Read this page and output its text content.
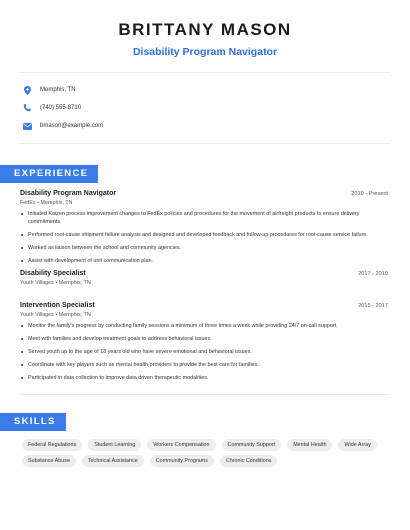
BRITTANY MASON
Disability Program Navigator
Memphis, TN
(740) 555-8710
bmason@example.com
EXPERIENCE
Disability Program Navigator	2019 - Present
FedEx • Memphis, TN
Initiated Kaizen process improvement changes to FedEx policies and procedures for the movement of airfreight products to ensure delivery commitments.
Performed root-cause shipment failure analysis and designed and developed feedback and follow-up procedures for root-cause service failure.
Worked as liaison between the school and community agencies.
Assist with development of unit communication plan.
Disability Specialist	2017 - 2019
Youth Villages • Memphis, TN
Intervention Specialist	2015 - 2017
Youth Villages • Memphis, TN
Monitor the family's progress by conducting family sessions a minimum of three times a week while providing 24/7 on-call support.
Meet with families and develop treatment goals to address behavioral issues.
Served youth up to the age of 18 years old who have severe emotional and behavioral issues.
Coordinate with key players such as mental health providers to provide the best care for families.
Participated in data collection to improve data driven therapeutic modalities.
SKILLS
Federal Regulations	Student Learning	Workers Compensation	Community Support	Mental Health	Wide Array
Substance Abuse	Technical Assistance	Community Programs	Chronic Conditions
